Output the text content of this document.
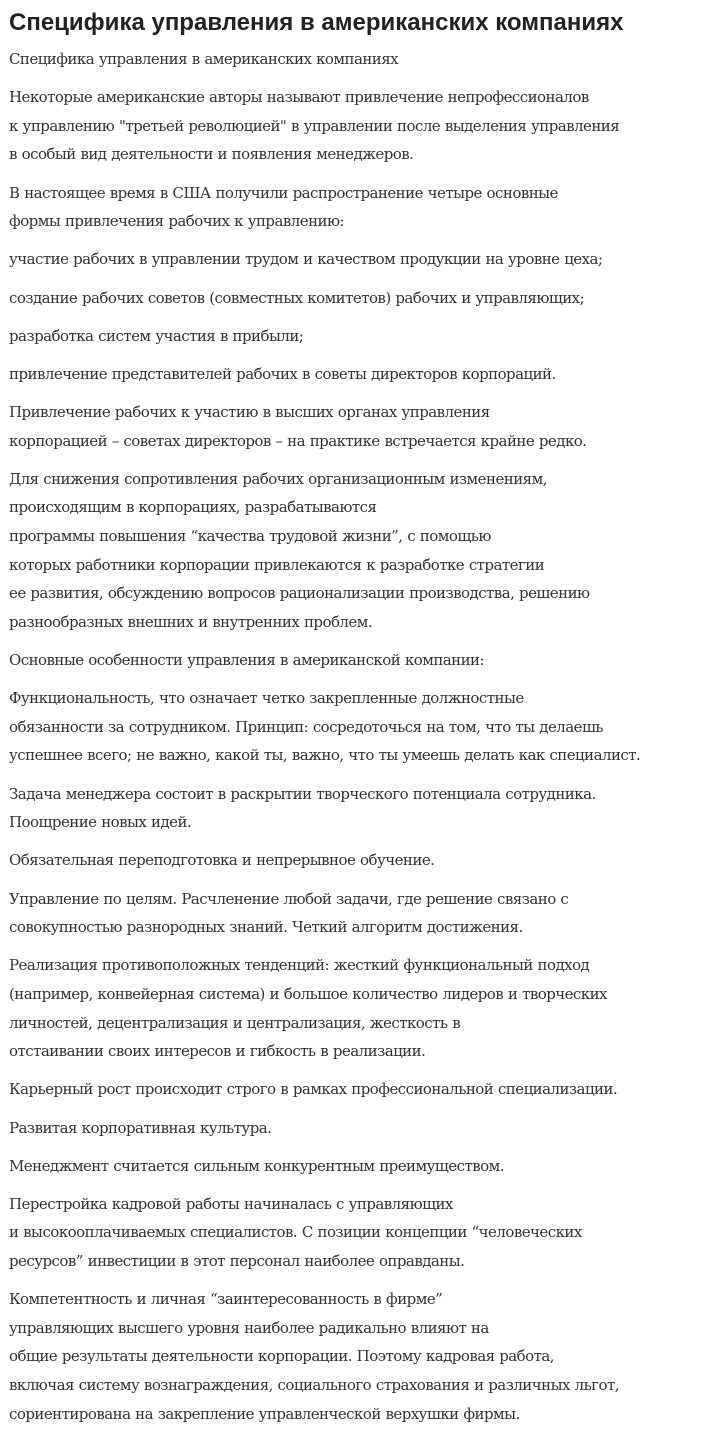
Специфика управления в американских компаниях

Специфика управления в американских компаниях

Некоторые американские авторы называют привлечение непрофессионалов
к управлению "третьей революцией" в управлении после выделения управления
в особый вид деятельности и появления менеджеров.

В настоящее время в США получили распространение четыре основные
формы привлечения рабочих к управлению:

участие рабочих в управлении трудом и качеством продукции на уровне цеха;

создание рабочих советов (совместных комитетов) рабочих и управляющих;

разработка систем участия в прибыли;

привлечение представителей рабочих в советы директоров корпораций.

Привлечение рабочих к участию в высших органах управления
корпорацией – советах директоров – на практике встречается крайне редко.

Для снижения сопротивления рабочих организационным изменениям,
происходящим в корпорациях, разрабатываются
программы повышения “качества трудовой жизни”, с помощью
которых работники корпорации привлекаются к разработке стратегии
ее развития, обсуждению вопросов рационализации производства, решению
разнообразных внешних и внутренних проблем.

Основные особенности управления в американской компании:

Функциональность, что означает четко закрепленные должностные
обязанности за сотрудником. Принцип: сосредоточься на том, что ты делаешь
успешнее всего; не важно, какой ты, важно, что ты умеешь делать как специалист.

Задача менеджера состоит в раскрытии творческого потенциала сотрудника.
Поощрение новых идей.

Обязательная переподготовка и непрерывное обучение.

Управление по целям. Расчленение любой задачи, где решение связано с
совокупностью разнородных знаний. Четкий алгоритм достижения.

Реализация противоположных тенденций: жесткий функциональный подход
(например, конвейерная система) и большое количество лидеров и творческих
личностей, децентрализация и централизация, жесткость в
отстаивании своих интересов и гибкость в реализации.

Карьерный рост происходит строго в рамках профессиональной специализации.

Развитая корпоративная культура.

Менеджмент считается сильным конкурентным преимуществом.

Перестройка кадровой работы начиналась с управляющих
и высокооплачиваемых специалистов. С позиции концепции “человеческих
ресурсов” инвестиции в этот персонал наиболее оправданы.

Компетентность и личная “заинтересованность в фирме”
управляющих высшего уровня наиболее радикально влияют на
общие результаты деятельности корпорации. Поэтому кадровая работа,
включая систему вознаграждения, социального страхования и различных льгот,
сориентирована на закрепление управленческой верхушки фирмы.
